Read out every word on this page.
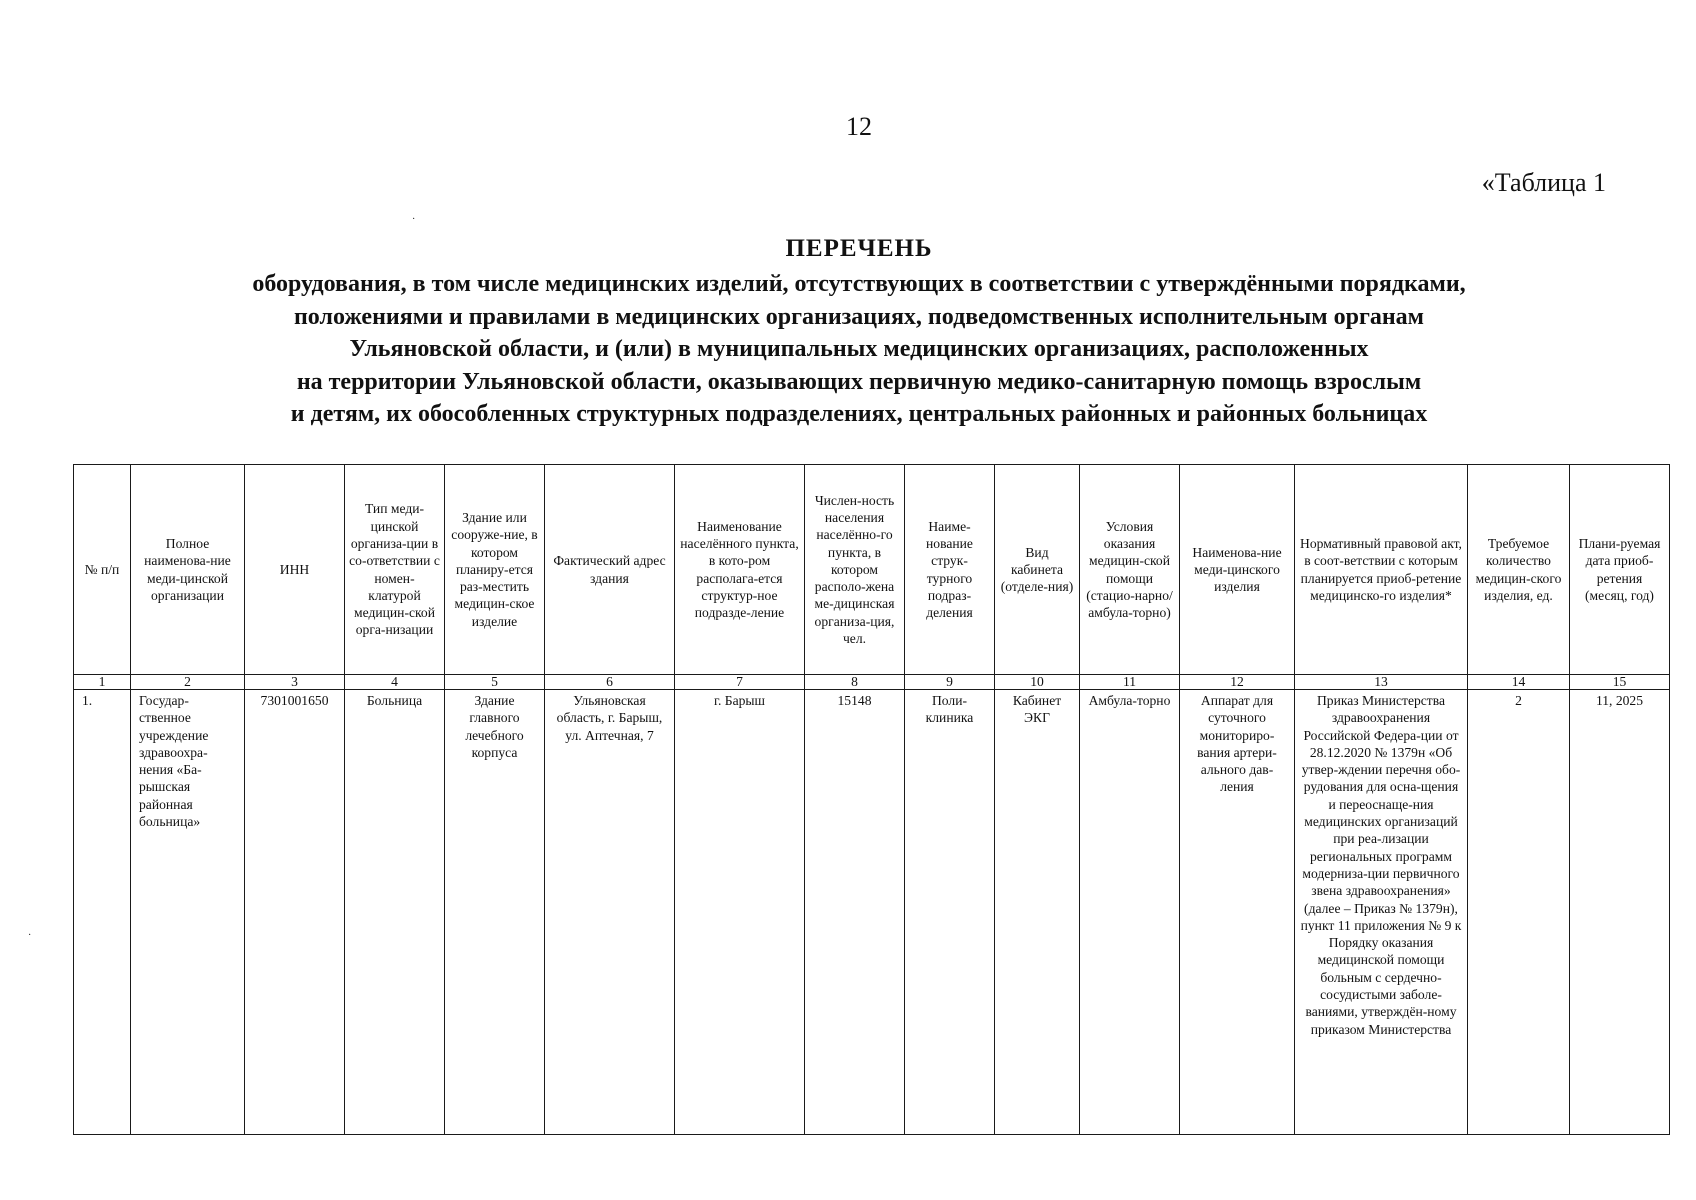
12
«Таблица 1
ПЕРЕЧЕНЬ
оборудования, в том числе медицинских изделий, отсутствующих в соответствии с утверждёнными порядками,
положениями и правилами в медицинских организациях, подведомственных исполнительным органам
Ульяновской области, и (или) в муниципальных медицинских организациях, расположенных
на территории Ульяновской области, оказывающих первичную медико-санитарную помощь взрослым
и детям, их обособленных структурных подразделениях, центральных районных и районных больницах
·
·
№ п/п	Полное наименова-ние меди-цинской организации	ИНН	Тип меди-цинской организа-ции в со-ответствии с номен-клатурой медицин-ской орга-низации	Здание или сооруже-ние, в котором планиру-ется раз-местить медицин-ское изделие	Фактический адрес здания	Наименование населённого пункта, в кото-ром располага-ется структур-ное подразде-ление	Числен-ность населения населённо-го пункта, в котором располо-жена ме-дицинская организа-ция, чел.	Наиме-нование струк-турного подраз-деления	Вид кабинета (отделе-ния)	Условия оказания медицин-ской помощи (стацио-нарно/ амбула-торно)	Наименова-ние меди-цинского изделия	Нормативный правовой акт, в соот-ветствии с которым планируется приоб-ретение медицинско-го изделия*	Требуемое количество медицин-ского изделия, ед.	Плани-руемая дата приоб-ретения (месяц, год)
1	2	3	4	5	6	7	8	9	10	11	12	13	14	15
1.	Государ-ственное учреждение здравоохра-нения «Ба-рышская районная больница»	7301001650	Больница	Здание главного лечебного корпуса	Ульяновская область, г. Барыш, ул. Аптечная, 7	г. Барыш	15148	Поли-клиника	Кабинет ЭКГ	Амбула-торно	Аппарат для суточного мониториро-вания артери-ального дав-ления	Приказ Министерства здравоохранения Российской Федера-ции от 28.12.2020 № 1379н «Об утвер-ждении перечня обо-рудования для осна-щения и переоснаще-ния медицинских организаций при реа-лизации региональных программ модерниза-ции первичного звена здравоохранения» (далее – Приказ № 1379н), пункт 11 приложения № 9 к Порядку оказания медицинской помощи больным с сердечно-сосудистыми заболе-ваниями, утверждён-ному приказом Министерства	2	11, 2025
